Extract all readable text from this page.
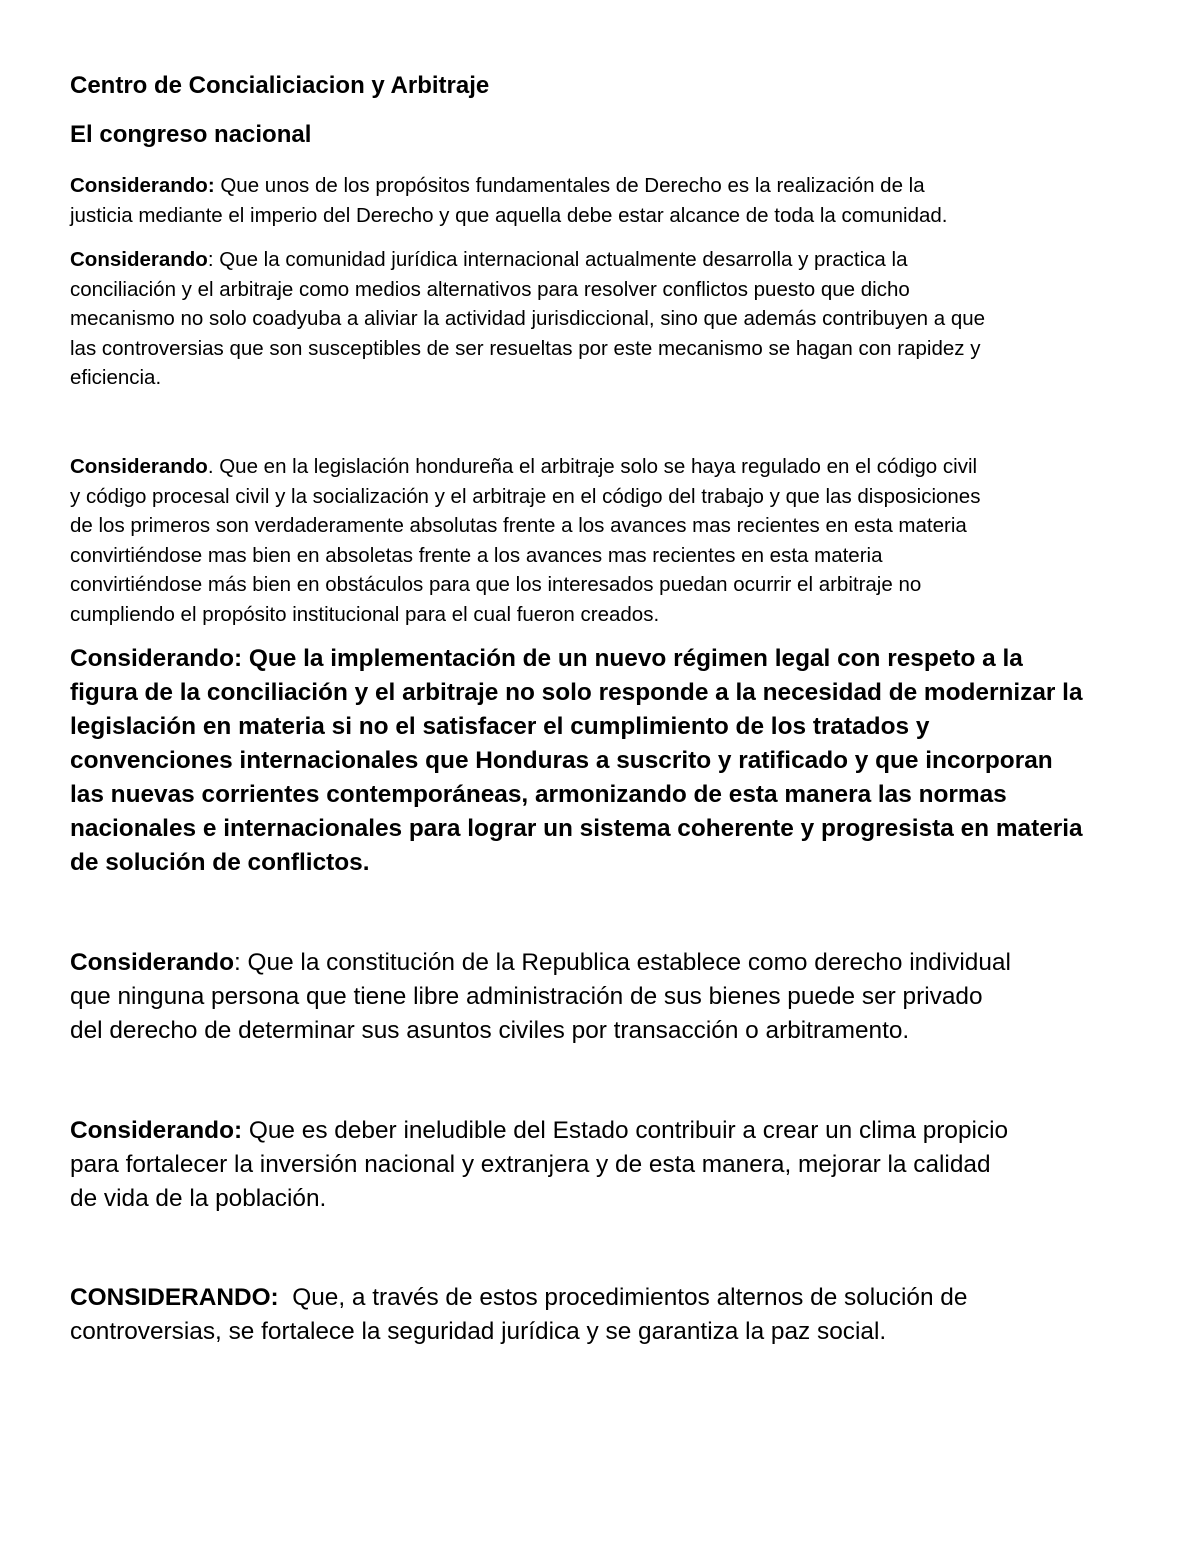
Centro de Concialiciacion y Arbitraje
El congreso nacional

Considerando: Que unos de los propósitos fundamentales de Derecho es la realización de la
justicia mediante el imperio del Derecho y que aquella debe estar alcance de toda la comunidad.

Considerando: Que la comunidad jurídica internacional actualmente desarrolla y practica la
conciliación y el arbitraje como medios alternativos para resolver conflictos puesto que dicho
mecanismo no solo coadyuba a aliviar la actividad jurisdiccional, sino que además contribuyen a que
las controversias que son susceptibles de ser resueltas por este mecanismo se hagan con rapidez y
eficiencia.

Considerando. Que en la legislación hondureña el arbitraje solo se haya regulado en el código civil
y código procesal civil y la socialización y el arbitraje en el código del trabajo y que las disposiciones
de los primeros son verdaderamente absolutas frente a los avances mas recientes en esta materia
convirtiéndose mas bien en absoletas frente a los avances mas recientes en esta materia
convirtiéndose más bien en obstáculos para que los interesados puedan ocurrir el arbitraje no
cumpliendo el propósito institucional para el cual fueron creados.

Considerando: Que la implementación de un nuevo régimen legal con respeto a la
figura de la conciliación y el arbitraje no solo responde a la necesidad de modernizar la
legislación en materia si no el satisfacer el cumplimiento de los tratados y
convenciones internacionales que Honduras a suscrito y ratificado y que incorporan
las nuevas corrientes contemporáneas, armonizando de esta manera las normas
nacionales e internacionales para lograr un sistema coherente y progresista en materia
de solución de conflictos.

Considerando: Que la constitución de la Republica establece como derecho individual
que ninguna persona que tiene libre administración de sus bienes puede ser privado
del derecho de determinar sus asuntos civiles por transacción o arbitramento.

Considerando: Que es deber ineludible del Estado contribuir a crear un clima propicio
para fortalecer la inversión nacional y extranjera y de esta manera, mejorar la calidad
de vida de la población.

CONSIDERANDO:  Que, a través de estos procedimientos alternos de solución de
controversias, se fortalece la seguridad jurídica y se garantiza la paz social.
